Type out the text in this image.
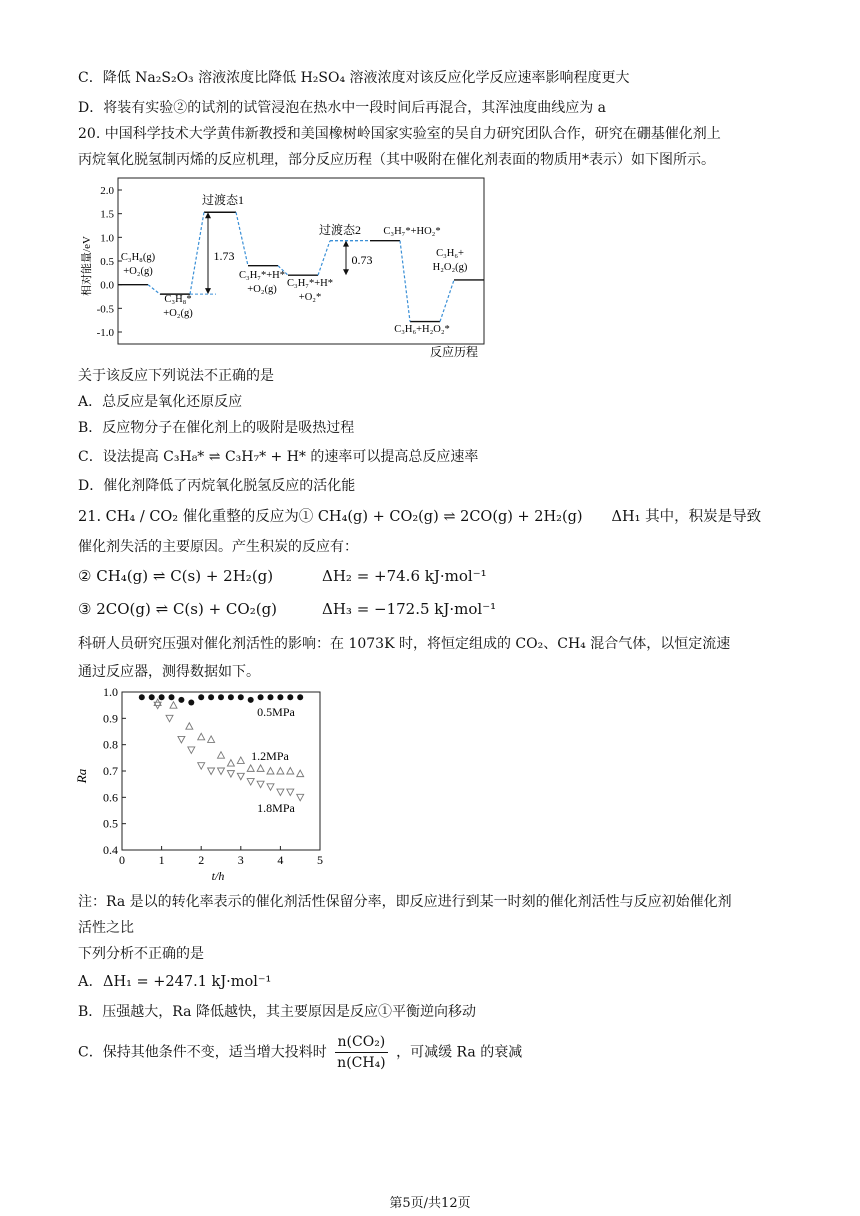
C．降低 Na₂S₂O₃ 溶液浓度比降低 H₂SO₄ 溶液浓度对该反应化学反应速率影响程度更大
D．将装有实验②的试剂的试管浸泡在热水中一段时间后再混合，其浑浊度曲线应为 a
20. 中国科学技术大学黄伟新教授和美国橡树岭国家实验室的吴自力研究团队合作，研究在硼基催化剂上
丙烷氧化脱氢制丙烯的反应机理，部分反应历程（其中吸附在催化剂表面的物质用*表示）如下图所示。
相对能量/eV
反应历程
2.0
1.5
1.0
0.5
0.0
-0.5
-1.0
过渡态1
过渡态2
1.73	0.73
C₃H₈(g)
+O₂(g)
C₃H₈*
+O₂(g)
C₃H₇*+H*
+O₂(g)
C₃H₇*+H*
+O₂*
C₃H₇*+HO₂*
C₃H₆+H₂O₂*
C₃H₆+
H₂O₂(g)
关于该反应下列说法不正确的是
A．总反应是氧化还原反应
B．反应物分子在催化剂上的吸附是吸热过程
C．设法提高 C₃H₈* ⇌ C₃H₇* + H* 的速率可以提高总反应速率
D．催化剂降低了丙烷氧化脱氢反应的活化能
21. CH₄ / CO₂ 催化重整的反应为① CH₄(g) + CO₂(g) ⇌ 2CO(g) + 2H₂(g)　　ΔH₁ 其中，积炭是导致
催化剂失活的主要原因。产生积炭的反应有：
② CH₄(g) ⇌ C(s) + 2H₂(g)	ΔH₂ = +74.6 kJ·mol⁻¹
③ 2CO(g) ⇌ C(s) + CO₂(g)	ΔH₃ = −172.5 kJ·mol⁻¹
科研人员研究压强对催化剂活性的影响：在 1073K 时，将恒定组成的 CO₂、CH₄ 混合气体，以恒定流速
通过反应器，测得数据如下。
1.0
0.9
0.8
0.7
0.6
0.5
0.4
0	1	2	3	4	5
Ra
t/h
0.5MPa
1.2MPa
1.8MPa
注：Ra 是以的转化率表示的催化剂活性保留分率，即反应进行到某一时刻的催化剂活性与反应初始催化剂
活性之比
下列分析不正确的是
A．ΔH₁ = +247.1 kJ·mol⁻¹
B．压强越大，Ra 降低越快，其主要原因是反应①平衡逆向移动
C．保持其他条件不变，适当增大投料时 $\frac{\text{n(CO₂)}}{\text{n(CH₄)}}$ ，可减缓 Ra 的衰减
第5页/共12页
